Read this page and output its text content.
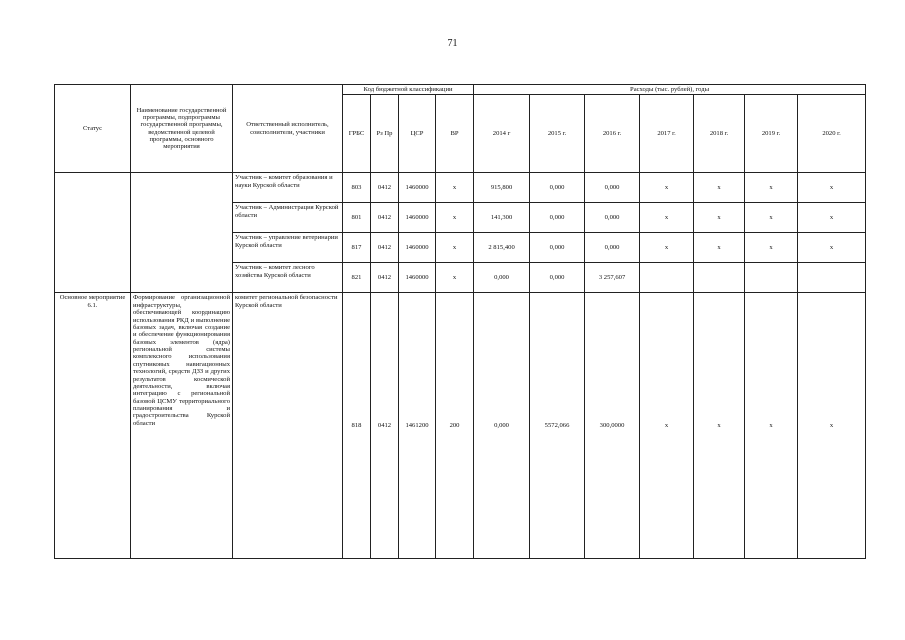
71
Статус	Наименование государственной программы, подпрограммы государственной программы, ведомственной целевой программы, основного мероприятия	Ответственный исполнитель, соисполнители, участники	Код бюджетной классификации				Расходы (тыс. рублей), годы						
			ГРБС	Рз Пр	ЦСР	ВР	2014 г	2015 г.	2016 г.	2017 г.	2018 г.	2019 г.	2020 г.
		Участник – комитет образования и науки Курской области	803	0412	1460000	х	915,800	0,000	0,000	х	х	х	х
		Участник – Администрация Курской области	801	0412	1460000	х	141,300	0,000	0,000	х	х	х	х
		Участник – управление ветеринарии Курской области	817	0412	1460000	х	2 815,400	0,000	0,000	х	х	х	х
		Участник – комитет лесного хозяйства Курской области	821	0412	1460000	х	0,000	0,000	3 257,607				
Основное мероприятие 6.1.	Формирование организационной инфраструктуры, обеспечивающей координацию использования РКД и выполнение базовых задач, включая создание и обеспечение функционирования базовых элементов (ядра) региональной системы комплексного использования спутниковых навигационных технологий, средств ДЗЗ и других результатов космической деятельности, включая интеграцию с региональной базовой ЦСМУ территориального планирования и градостроительства Курской области	комитет региональной безопасности Курской области	818	0412	1461200	200	0,000	5572,066	300,0000	х	х	х	х
